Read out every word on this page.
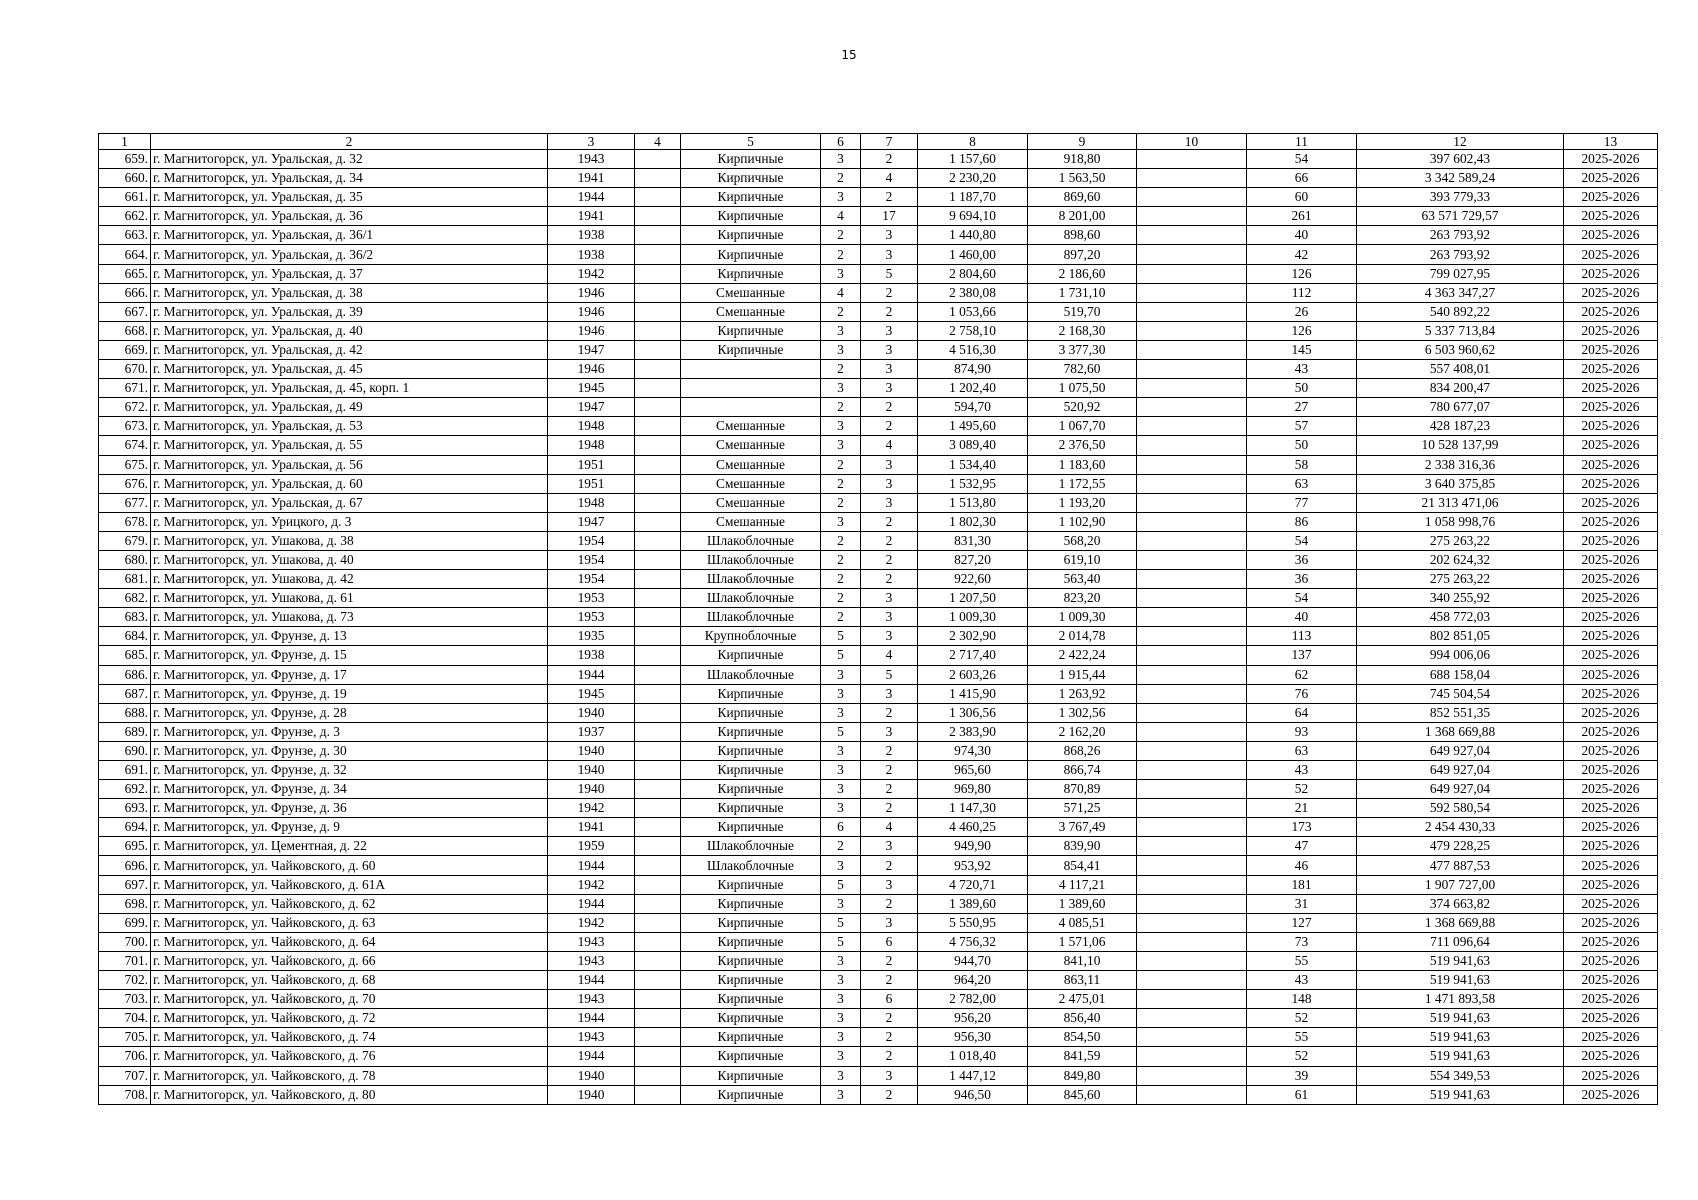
15
1	2	3	4	5	6	7	8	9	10	11	12	13
659.	г. Магнитогорск, ул. Уральская, д. 32	1943		Кирпичные	3	2	1 157,60	918,80		54	397 602,43	2025-2026
660.	г. Магнитогорск, ул. Уральская, д. 34	1941		Кирпичные	2	4	2 230,20	1 563,50		66	3 342 589,24	2025-2026
661.	г. Магнитогорск, ул. Уральская, д. 35	1944		Кирпичные	3	2	1 187,70	869,60		60	393 779,33	2025-2026
662.	г. Магнитогорск, ул. Уральская, д. 36	1941		Кирпичные	4	17	9 694,10	8 201,00		261	63 571 729,57	2025-2026
663.	г. Магнитогорск, ул. Уральская, д. 36/1	1938		Кирпичные	2	3	1 440,80	898,60		40	263 793,92	2025-2026
664.	г. Магнитогорск, ул. Уральская, д. 36/2	1938		Кирпичные	2	3	1 460,00	897,20		42	263 793,92	2025-2026
665.	г. Магнитогорск, ул. Уральская, д. 37	1942		Кирпичные	3	5	2 804,60	2 186,60		126	799 027,95	2025-2026
666.	г. Магнитогорск, ул. Уральская, д. 38	1946		Смешанные	4	2	2 380,08	1 731,10		112	4 363 347,27	2025-2026
667.	г. Магнитогорск, ул. Уральская, д. 39	1946		Смешанные	2	2	1 053,66	519,70		26	540 892,22	2025-2026
668.	г. Магнитогорск, ул. Уральская, д. 40	1946		Кирпичные	3	3	2 758,10	2 168,30		126	5 337 713,84	2025-2026
669.	г. Магнитогорск, ул. Уральская, д. 42	1947		Кирпичные	3	3	4 516,30	3 377,30		145	6 503 960,62	2025-2026
670.	г. Магнитогорск, ул. Уральская, д. 45	1946			2	3	874,90	782,60		43	557 408,01	2025-2026
671.	г. Магнитогорск, ул. Уральская, д. 45, корп. 1	1945			3	3	1 202,40	1 075,50		50	834 200,47	2025-2026
672.	г. Магнитогорск, ул. Уральская, д. 49	1947			2	2	594,70	520,92		27	780 677,07	2025-2026
673.	г. Магнитогорск, ул. Уральская, д. 53	1948		Смешанные	3	2	1 495,60	1 067,70		57	428 187,23	2025-2026
674.	г. Магнитогорск, ул. Уральская, д. 55	1948		Смешанные	3	4	3 089,40	2 376,50		50	10 528 137,99	2025-2026
675.	г. Магнитогорск, ул. Уральская, д. 56	1951		Смешанные	2	3	1 534,40	1 183,60		58	2 338 316,36	2025-2026
676.	г. Магнитогорск, ул. Уральская, д. 60	1951		Смешанные	2	3	1 532,95	1 172,55		63	3 640 375,85	2025-2026
677.	г. Магнитогорск, ул. Уральская, д. 67	1948		Смешанные	2	3	1 513,80	1 193,20		77	21 313 471,06	2025-2026
678.	г. Магнитогорск, ул. Урицкого, д. 3	1947		Смешанные	3	2	1 802,30	1 102,90		86	1 058 998,76	2025-2026
679.	г. Магнитогорск, ул. Ушакова, д. 38	1954		Шлакоблочные	2	2	831,30	568,20		54	275 263,22	2025-2026
680.	г. Магнитогорск, ул. Ушакова, д. 40	1954		Шлакоблочные	2	2	827,20	619,10		36	202 624,32	2025-2026
681.	г. Магнитогорск, ул. Ушакова, д. 42	1954		Шлакоблочные	2	2	922,60	563,40		36	275 263,22	2025-2026
682.	г. Магнитогорск, ул. Ушакова, д. 61	1953		Шлакоблочные	2	3	1 207,50	823,20		54	340 255,92	2025-2026
683.	г. Магнитогорск, ул. Ушакова, д. 73	1953		Шлакоблочные	2	3	1 009,30	1 009,30		40	458 772,03	2025-2026
684.	г. Магнитогорск, ул. Фрунзе, д. 13	1935		Крупноблочные	5	3	2 302,90	2 014,78		113	802 851,05	2025-2026
685.	г. Магнитогорск, ул. Фрунзе, д. 15	1938		Кирпичные	5	4	2 717,40	2 422,24		137	994 006,06	2025-2026
686.	г. Магнитогорск, ул. Фрунзе, д. 17	1944		Шлакоблочные	3	5	2 603,26	1 915,44		62	688 158,04	2025-2026
687.	г. Магнитогорск, ул. Фрунзе, д. 19	1945		Кирпичные	3	3	1 415,90	1 263,92		76	745 504,54	2025-2026
688.	г. Магнитогорск, ул. Фрунзе, д. 28	1940		Кирпичные	3	2	1 306,56	1 302,56		64	852 551,35	2025-2026
689.	г. Магнитогорск, ул. Фрунзе, д. 3	1937		Кирпичные	5	3	2 383,90	2 162,20		93	1 368 669,88	2025-2026
690.	г. Магнитогорск, ул. Фрунзе, д. 30	1940		Кирпичные	3	2	974,30	868,26		63	649 927,04	2025-2026
691.	г. Магнитогорск, ул. Фрунзе, д. 32	1940		Кирпичные	3	2	965,60	866,74		43	649 927,04	2025-2026
692.	г. Магнитогорск, ул. Фрунзе, д. 34	1940		Кирпичные	3	2	969,80	870,89		52	649 927,04	2025-2026
693.	г. Магнитогорск, ул. Фрунзе, д. 36	1942		Кирпичные	3	2	1 147,30	571,25		21	592 580,54	2025-2026
694.	г. Магнитогорск, ул. Фрунзе, д. 9	1941		Кирпичные	6	4	4 460,25	3 767,49		173	2 454 430,33	2025-2026
695.	г. Магнитогорск, ул. Цементная, д. 22	1959		Шлакоблочные	2	3	949,90	839,90		47	479 228,25	2025-2026
696.	г. Магнитогорск, ул. Чайковского, д. 60	1944		Шлакоблочные	3	2	953,92	854,41		46	477 887,53	2025-2026
697.	г. Магнитогорск, ул. Чайковского, д. 61А	1942		Кирпичные	5	3	4 720,71	4 117,21		181	1 907 727,00	2025-2026
698.	г. Магнитогорск, ул. Чайковского, д. 62	1944		Кирпичные	3	2	1 389,60	1 389,60		31	374 663,82	2025-2026
699.	г. Магнитогорск, ул. Чайковского, д. 63	1942		Кирпичные	5	3	5 550,95	4 085,51		127	1 368 669,88	2025-2026
700.	г. Магнитогорск, ул. Чайковского, д. 64	1943		Кирпичные	5	6	4 756,32	1 571,06		73	711 096,64	2025-2026
701.	г. Магнитогорск, ул. Чайковского, д. 66	1943		Кирпичные	3	2	944,70	841,10		55	519 941,63	2025-2026
702.	г. Магнитогорск, ул. Чайковского, д. 68	1944		Кирпичные	3	2	964,20	863,11		43	519 941,63	2025-2026
703.	г. Магнитогорск, ул. Чайковского, д. 70	1943		Кирпичные	3	6	2 782,00	2 475,01		148	1 471 893,58	2025-2026
704.	г. Магнитогорск, ул. Чайковского, д. 72	1944		Кирпичные	3	2	956,20	856,40		52	519 941,63	2025-2026
705.	г. Магнитогорск, ул. Чайковского, д. 74	1943		Кирпичные	3	2	956,30	854,50		55	519 941,63	2025-2026
706.	г. Магнитогорск, ул. Чайковского, д. 76	1944		Кирпичные	3	2	1 018,40	841,59		52	519 941,63	2025-2026
707.	г. Магнитогорск, ул. Чайковского, д. 78	1940		Кирпичные	3	3	1 447,12	849,80		39	554 349,53	2025-2026
708.	г. Магнитогорск, ул. Чайковского, д. 80	1940		Кирпичные	3	2	946,50	845,60		61	519 941,63	2025-2026
